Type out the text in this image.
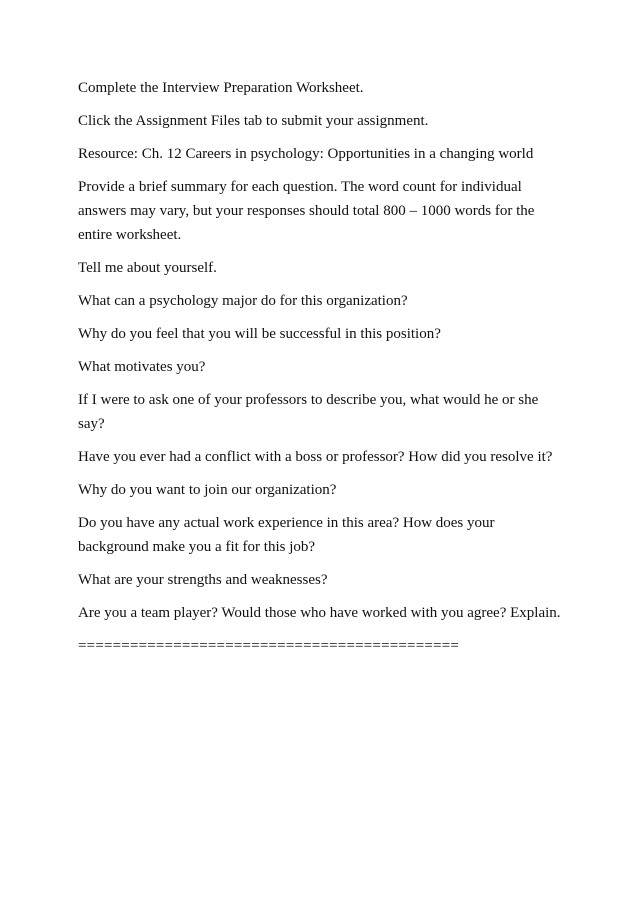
Complete the Interview Preparation Worksheet.

Click the Assignment Files tab to submit your assignment.

Resource: Ch. 12 Careers in psychology: Opportunities in a changing world

Provide a brief summary for each question. The word count for individual answers may vary, but your responses should total 800 – 1000 words for the entire worksheet.

Tell me about yourself.

What can a psychology major do for this organization?

Why do you feel that you will be successful in this position?

What motivates you?

If I were to ask one of your professors to describe you, what would he or she say?

Have you ever had a conflict with a boss or professor? How did you resolve it?

Why do you want to join our organization?

Do you have any actual work experience in this area? How does your background make you a fit for this job?

What are your strengths and weaknesses?

Are you a team player? Would those who have worked with you agree? Explain.

============================================
